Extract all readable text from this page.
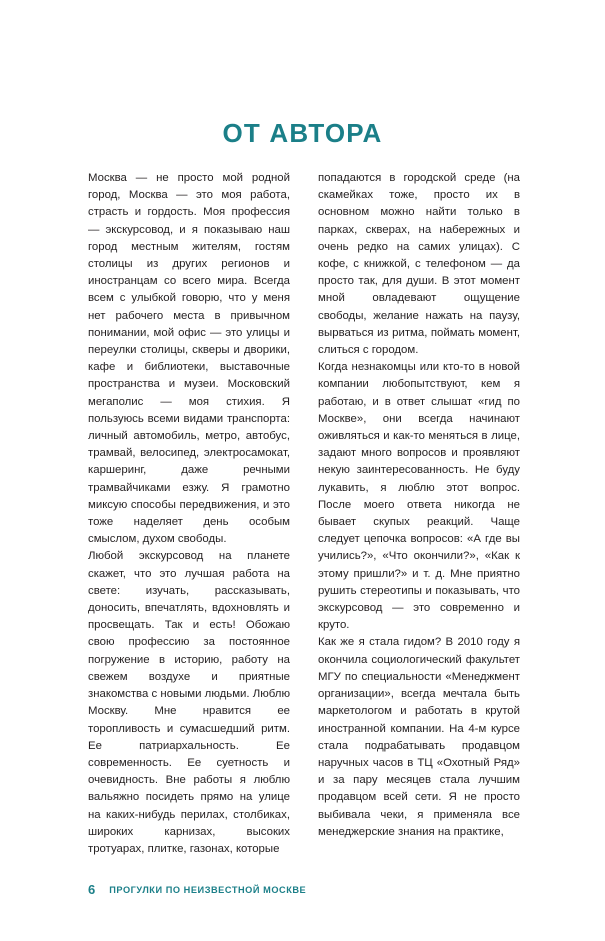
ОТ АВТОРА

Москва — не просто мой родной город, Москва — это моя работа, страсть и гордость. Моя профессия — экскурсовод, и я показываю наш город местным жителям, гостям столицы из других регионов и иностранцам со всего мира. Всегда всем с улыбкой говорю, что у меня нет рабочего места в привычном понимании, мой офис — это улицы и переулки столицы, скверы и дворики, кафе и библиотеки, выставочные пространства и музеи. Московский мегаполис — моя стихия. Я пользуюсь всеми видами транспорта: личный автомобиль, метро, автобус, трамвай, велосипед, электросамокат, каршеринг, даже речными трамвайчиками езжу. Я грамотно миксую способы передвижения, и это тоже наделяет день особым смыслом, духом свободы.

Любой экскурсовод на планете скажет, что это лучшая работа на свете: изучать, рассказывать, доносить, впечатлять, вдохновлять и просвещать. Так и есть! Обожаю свою профессию за постоянное погружение в историю, работу на свежем воздухе и приятные знакомства с новыми людьми. Люблю Москву. Мне нравится ее торопливость и сумасшедший ритм. Ее патриархальность. Ее современность. Ее суетность и очевидность. Вне работы я люблю вальяжно посидеть прямо на улице на каких-нибудь перилах, столбиках, широких карнизах, высоких тротуарах, плитке, газонах, которые

попадаются в городской среде (на скамейках тоже, просто их в основном можно найти только в парках, скверах, на набережных и очень редко на самих улицах). С кофе, с книжкой, с телефоном — да просто так, для души. В этот момент мной овладевают ощущение свободы, желание нажать на паузу, вырваться из ритма, поймать момент, слиться с городом.

Когда незнакомцы или кто-то в новой компании любопытствуют, кем я работаю, и в ответ слышат «гид по Москве», они всегда начинают оживляться и как-то меняться в лице, задают много вопросов и проявляют некую заинтересованность. Не буду лукавить, я люблю этот вопрос. После моего ответа никогда не бывает скупых реакций. Чаще следует цепочка вопросов: «А где вы учились?», «Что окончили?», «Как к этому пришли?» и т. д. Мне приятно рушить стереотипы и показывать, что экскурсовод — это современно и круто.

Как же я стала гидом? В 2010 году я окончила социологический факультет МГУ по специальности «Менеджмент организации», всегда мечтала быть маркетологом и работать в крутой иностранной компании. На 4-м курсе стала подрабатывать продавцом наручных часов в ТЦ «Охотный Ряд» и за пару месяцев стала лучшим продавцом всей сети. Я не просто выбивала чеки, я применяла все менеджерские знания на практике,

6 ПРОГУЛКИ ПО НЕИЗВЕСТНОЙ МОСКВЕ
